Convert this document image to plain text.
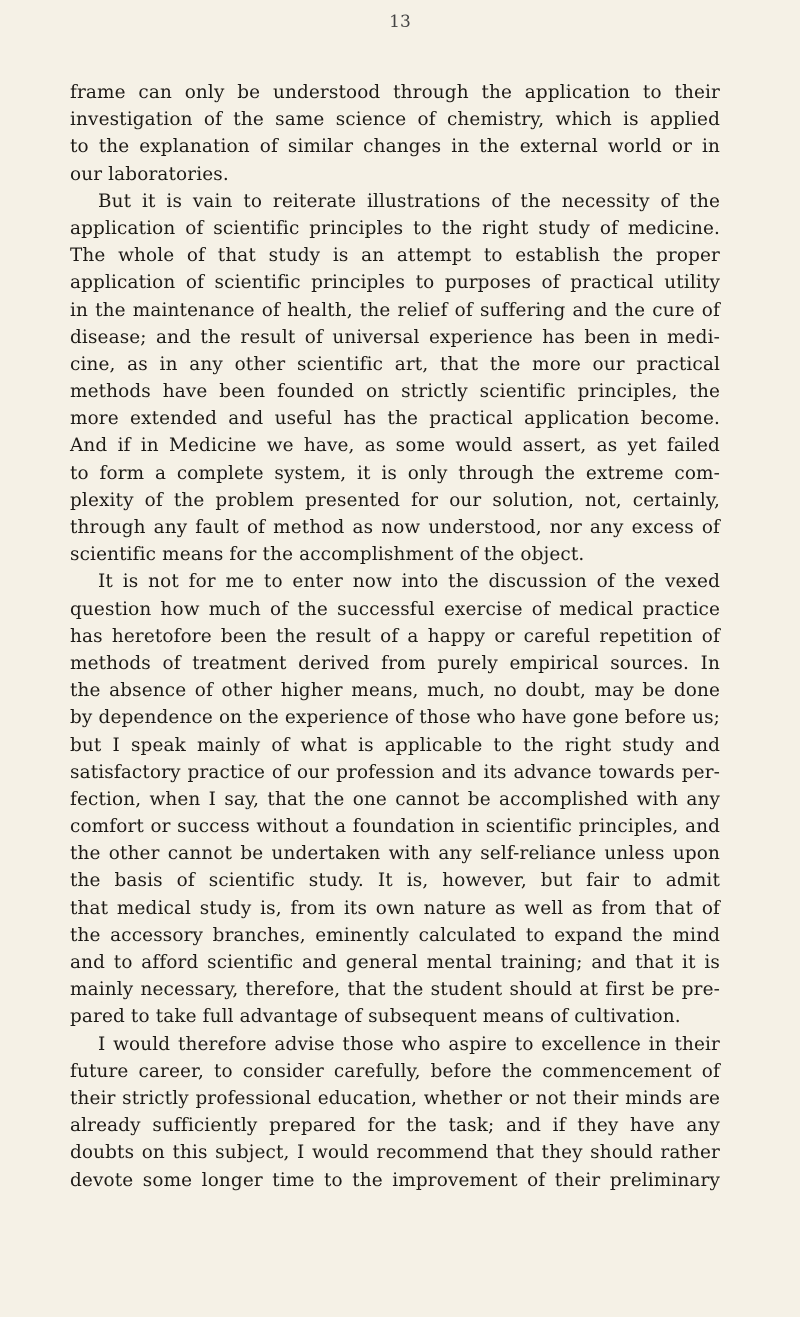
13
frame can only be understood through the application to their
investigation of the same science of chemistry, which is applied
to the explanation of similar changes in the external world or in
our laboratories.
But it is vain to reiterate illustrations of the necessity of the
application of scientific principles to the right study of medicine.
The whole of that study is an attempt to establish the proper
application of scientific principles to purposes of practical utility
in the maintenance of health, the relief of suffering and the cure of
disease; and the result of universal experience has been in medi-
cine, as in any other scientific art, that the more our practical
methods have been founded on strictly scientific principles, the
more extended and useful has the practical application become.
And if in Medicine we have, as some would assert, as yet failed
to form a complete system, it is only through the extreme com-
plexity of the problem presented for our solution, not, certainly,
through any fault of method as now understood, nor any excess of
scientific means for the accomplishment of the object.
It is not for me to enter now into the discussion of the vexed
question how much of the successful exercise of medical practice
has heretofore been the result of a happy or careful repetition of
methods of treatment derived from purely empirical sources. In
the absence of other higher means, much, no doubt, may be done
by dependence on the experience of those who have gone before us;
but I speak mainly of what is applicable to the right study and
satisfactory practice of our profession and its advance towards per-
fection, when I say, that the one cannot be accomplished with any
comfort or success without a foundation in scientific principles, and
the other cannot be undertaken with any self-reliance unless upon
the basis of scientific study. It is, however, but fair to admit
that medical study is, from its own nature as well as from that of
the accessory branches, eminently calculated to expand the mind
and to afford scientific and general mental training; and that it is
mainly necessary, therefore, that the student should at first be pre-
pared to take full advantage of subsequent means of cultivation.
I would therefore advise those who aspire to excellence in their
future career, to consider carefully, before the commencement of
their strictly professional education, whether or not their minds are
already sufficiently prepared for the task; and if they have any
doubts on this subject, I would recommend that they should rather
devote some longer time to the improvement of their preliminary
